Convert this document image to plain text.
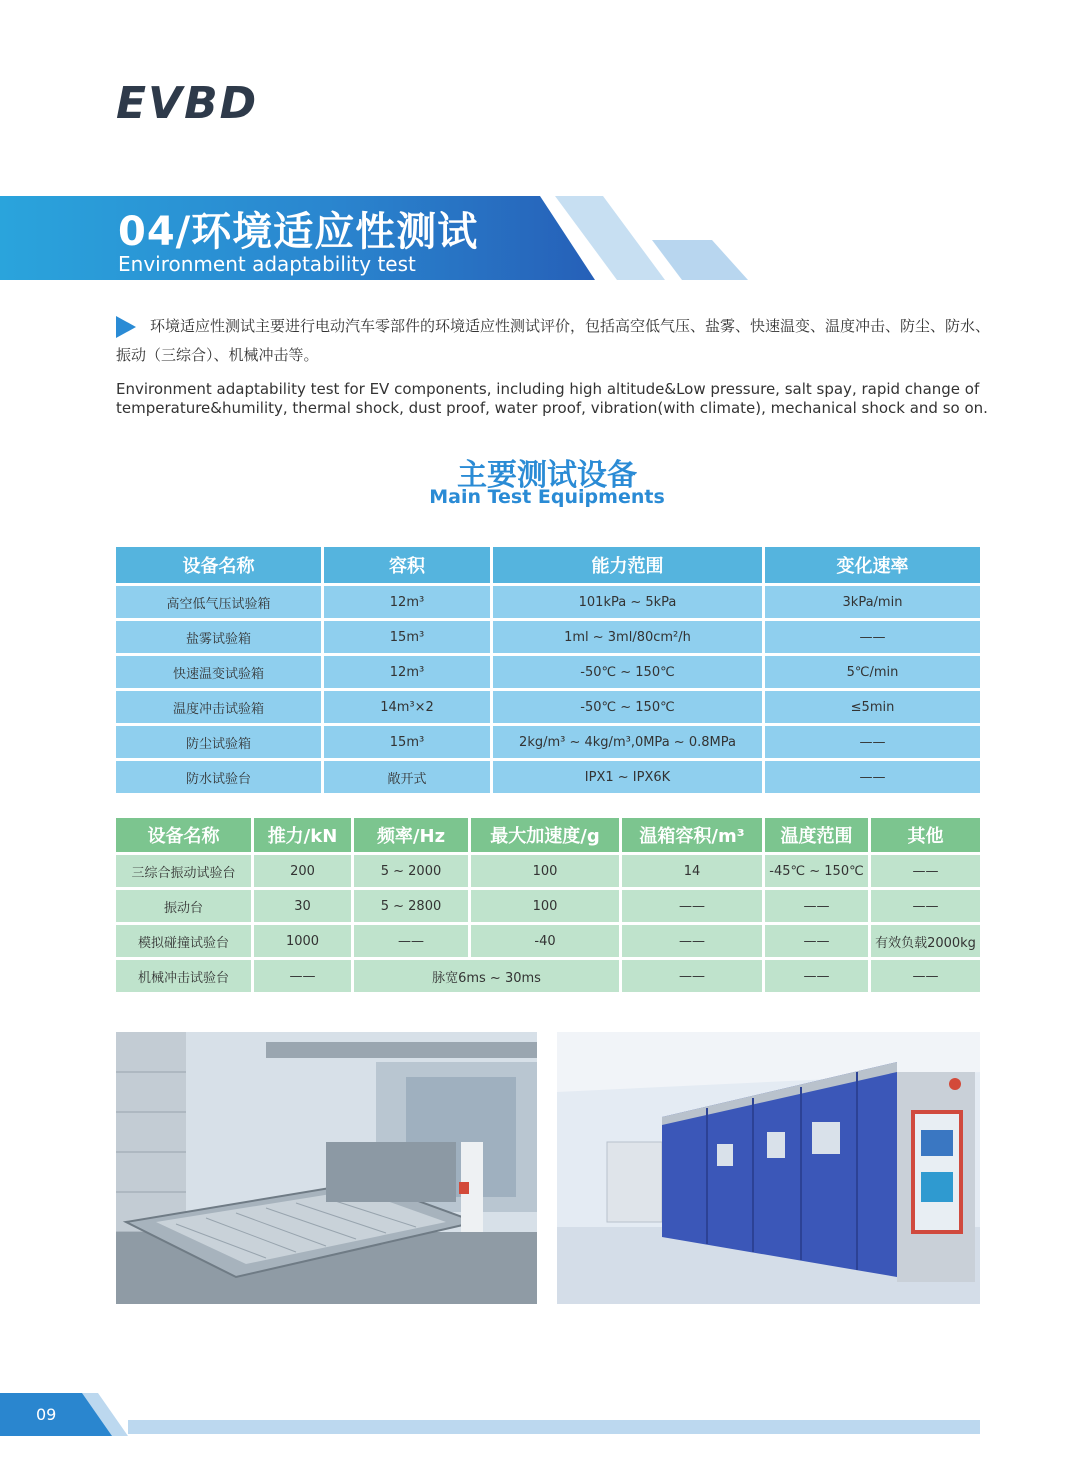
EVBD
04/环境适应性测试
Environment adaptability test
环境适应性测试主要进行电动汽车零部件的环境适应性测试评价，包括高空低气压、盐雾、快速温变、温度冲击、防尘、防水、振动（三综合）、机械冲击等。
Environment adaptability test for EV components, including high altitude&Low pressure, salt spay, rapid change of temperature&humility, thermal shock, dust proof, water proof, vibration(with climate), mechanical shock and so on.
主要测试设备
Main Test Equipments
设备名称	容积	能力范围	变化速率
高空低气压试验箱	12m³	101kPa ~ 5kPa	3kPa/min
盐雾试验箱	15m³	1ml ~ 3ml/80cm²/h	——
快速温变试验箱	12m³	-50℃ ~ 150℃	5℃/min
温度冲击试验箱	14m³×2	-50℃ ~ 150℃	≤5min
防尘试验箱	15m³	2kg/m³ ~ 4kg/m³,0MPa ~ 0.8MPa	——
防水试验台	敞开式	IPX1 ~ IPX6K	——
设备名称	推力/kN	频率/Hz	最大加速度/g	温箱容积/m³	温度范围	其他
三综合振动试验台	200	5 ~ 2000	100	14	-45℃ ~ 150℃	——
振动台	30	5 ~ 2800	100	——	——	——
模拟碰撞试验台	1000	——	-40	——	——	有效负载2000kg
机械冲击试验台	——	脉宽6ms ~ 30ms		——	——	——
09
